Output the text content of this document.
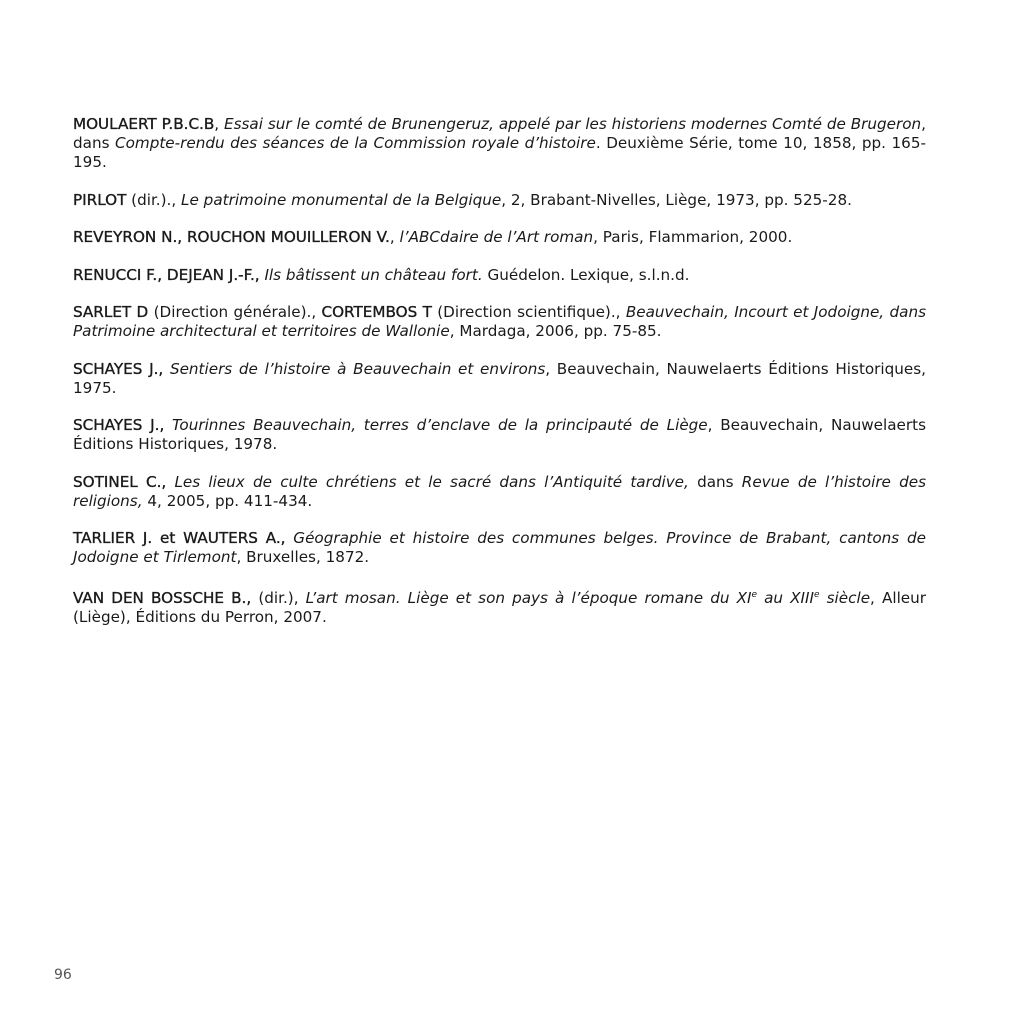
MOULAERT P.B.C.B, Essai sur le comté de Brunengeruz, appelé par les historiens modernes Comté de Brugeron, dans Compte-rendu des séances de la Commission royale d’histoire. Deuxième Série, tome 10, 1858, pp. 165-195.

PIRLOT (dir.)., Le patrimoine monumental de la Belgique, 2, Brabant-Nivelles, Liège, 1973, pp. 525-28.

REVEYRON N., ROUCHON MOUILLERON V., l’ABCdaire de l’Art roman, Paris, Flammarion, 2000.

RENUCCI F., DEJEAN J.-F., Ils bâtissent un château fort. Guédelon. Lexique, s.l.n.d.

SARLET D (Direction générale)., CORTEMBOS T (Direction scientifique)., Beauvechain, Incourt et Jodoigne, dans Patrimoine architectural et territoires de Wallonie, Mardaga, 2006, pp. 75-85.

SCHAYES J., Sentiers de l’histoire à Beauvechain et environs, Beauvechain, Nauwelaerts Éditions Historiques, 1975.

SCHAYES J., Tourinnes Beauvechain, terres d’enclave de la principauté de Liège, Beauvechain, Nauwelaerts Éditions Historiques, 1978.

SOTINEL C., Les lieux de culte chrétiens et le sacré dans l’Antiquité tardive, dans Revue de l’histoire des religions, 4, 2005, pp. 411-434.

TARLIER J. et WAUTERS A., Géographie et histoire des communes belges. Province de Brabant, cantons de Jodoigne et Tirlemont, Bruxelles, 1872.

VAN DEN BOSSCHE B., (dir.), L’art mosan. Liège et son pays à l’époque romane du XIe au XIIIe siècle, Alleur (Liège), Éditions du Perron, 2007.

96
